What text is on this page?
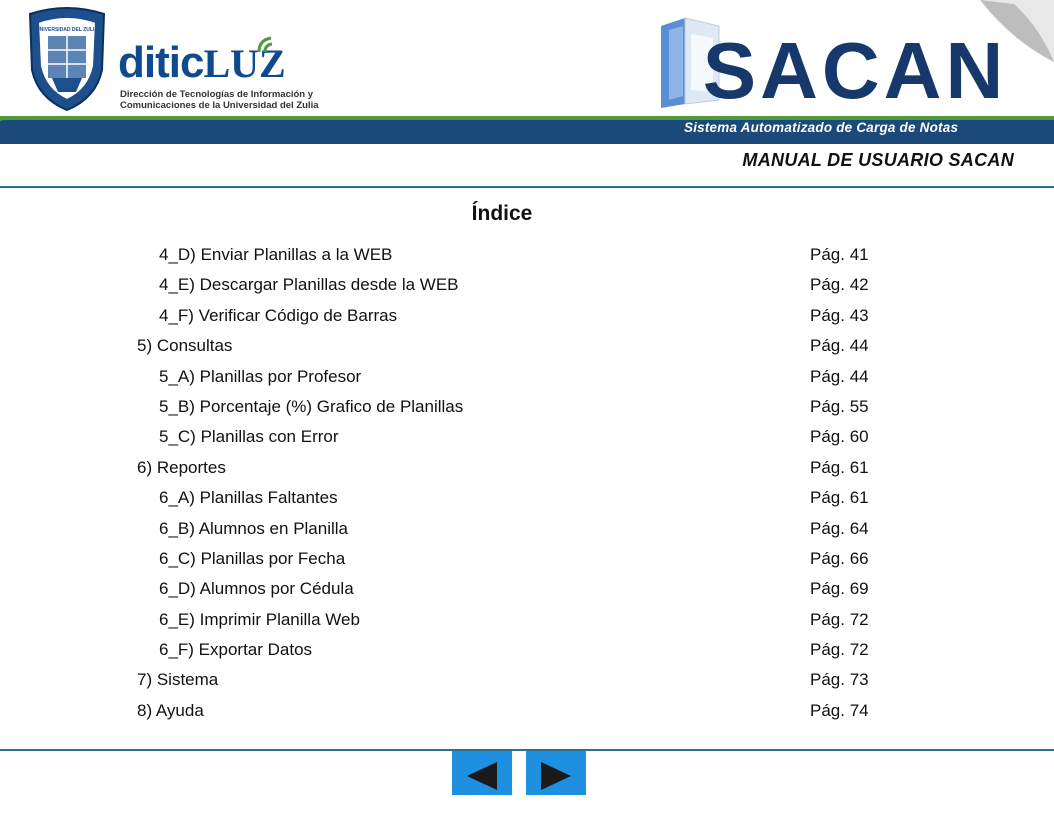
UNIVERSIDAD DEL ZULIA
diticLUZ
Dirección de Tecnologías de Información y
Comunicaciones de la Universidad del Zulia	SACAN
Sistema Automatizado de Carga de Notas
MANUAL DE USUARIO SACAN
Índice
4_D) Enviar Planillas a la WEB	Pág. 41
4_E) Descargar Planillas desde la WEB	Pág. 42
4_F) Verificar Código de Barras	Pág. 43
5) Consultas	Pág. 44
5_A) Planillas por Profesor	Pág. 44
5_B) Porcentaje (%) Grafico de Planillas	Pág. 55
5_C) Planillas con Error	Pág. 60
6) Reportes	Pág. 61
6_A) Planillas Faltantes	Pág. 61
6_B) Alumnos en Planilla	Pág. 64
6_C) Planillas por Fecha	Pág. 66
6_D) Alumnos por Cédula	Pág. 69
6_E) Imprimir Planilla Web	Pág. 72
6_F) Exportar Datos	Pág. 72
7) Sistema	Pág. 73
8) Ayuda	Pág. 74
